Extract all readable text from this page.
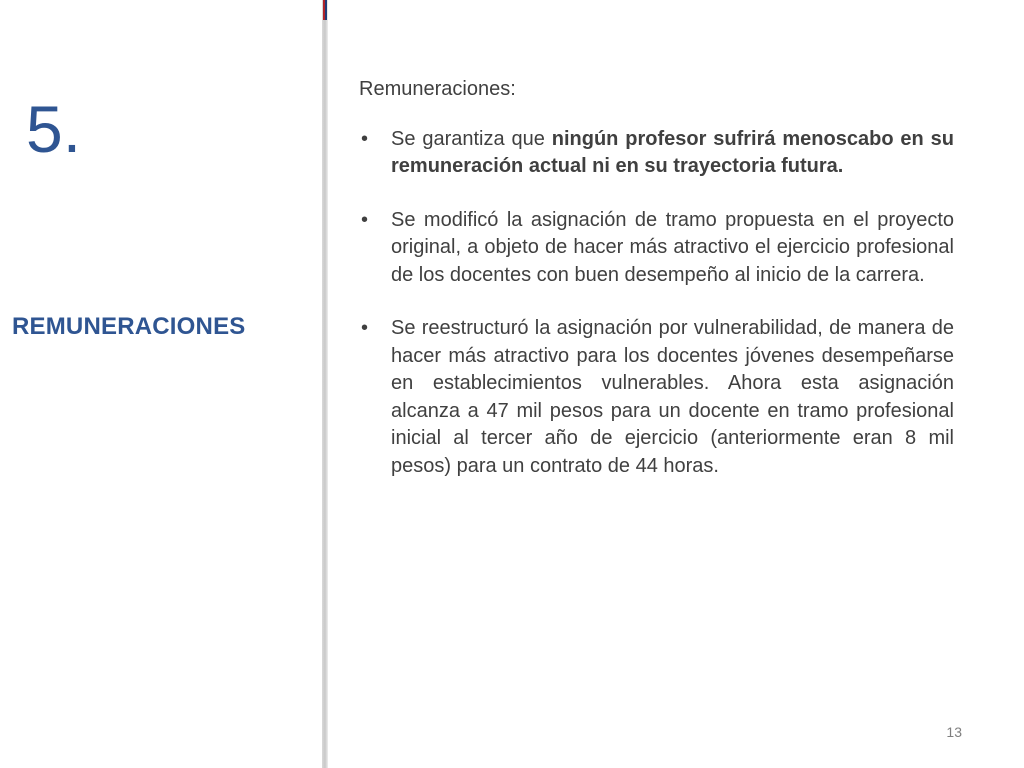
5.
REMUNERACIONES
Remuneraciones:
• Se garantiza que ningún profesor sufrirá menoscabo en su remuneración actual ni en su trayectoria futura.
• Se modificó la asignación de tramo propuesta en el proyecto original, a objeto de hacer más atractivo el ejercicio profesional de los docentes con buen desempeño al inicio de la carrera.
• Se reestructuró la asignación por vulnerabilidad, de manera de hacer más atractivo para los docentes jóvenes desempeñarse en establecimientos vulnerables. Ahora esta asignación alcanza a 47 mil pesos para un docente en tramo profesional inicial al tercer año de ejercicio (anteriormente eran 8 mil pesos) para un contrato de 44 horas.
13
